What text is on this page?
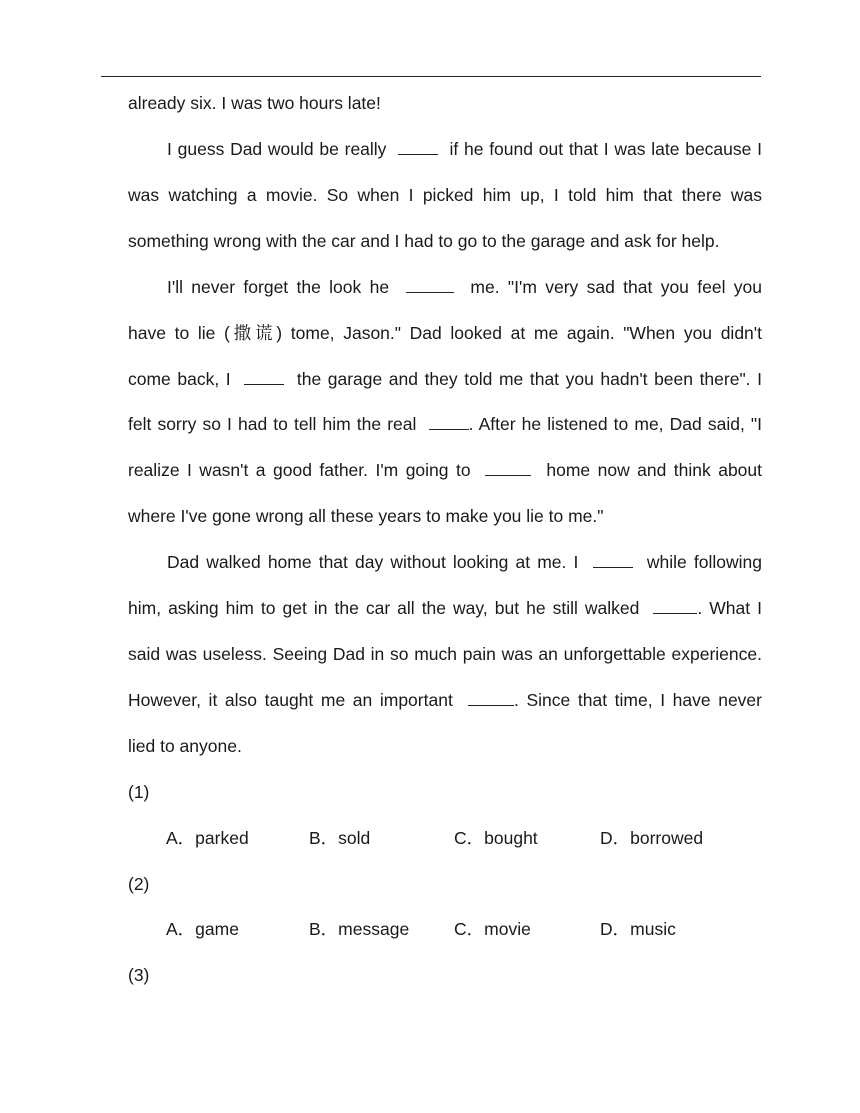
already six. I was two hours late!
I guess Dad would be really	if he found out that I was late because I
was watching a movie. So when I picked him up, I told him that there was
something wrong with the car and I had to go to the garage and ask for help.
I'll never forget the look he	me. "I'm very sad that you feel you
have to lie (撒谎) tome, Jason." Dad looked at me again. "When you didn't
come back, I	the garage and they told me that you hadn't been there". I
felt sorry so I had to tell him the real	. After he listened to me, Dad said, "I
realize I wasn't a good father. I'm going to	home now and think about
where I've gone wrong all these years to make you lie to me."
Dad walked home that day without looking at me. I	while following
him, asking him to get in the car all the way, but he still walked	. What I
said was useless. Seeing Dad in so much pain was an unforgettable experience.
However, it also taught me an important	. Since that time, I have never
lied to anyone.
(1)
A．parked	B．sold	C．bought	D．borrowed
(2)
A．game	B．message	C．movie	D．music
(3)
